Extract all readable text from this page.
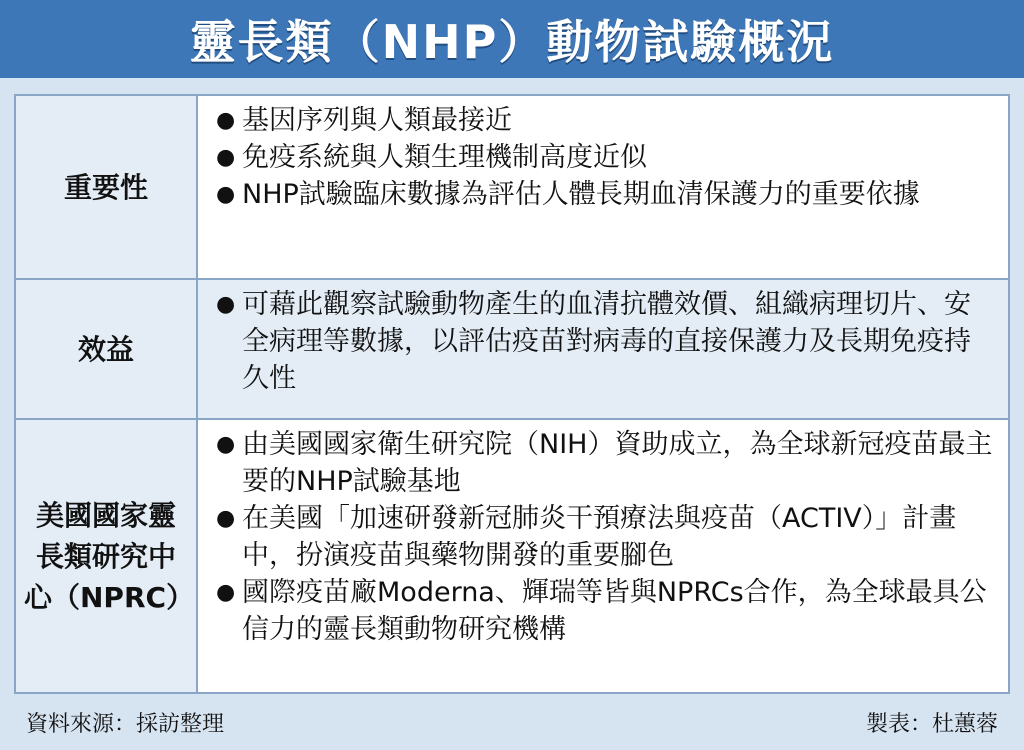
靈長類（NHP）動物試驗概況
重要性
● 基因序列與人類最接近
● 免疫系統與人類生理機制高度近似
● NHP試驗臨床數據為評估人體長期血清保護力的重要依據
效益
● 可藉此觀察試驗動物產生的血清抗體效價、組織病理切片、安全病理等數據，以評估疫苗對病毒的直接保護力及長期免疫持久性
美國國家靈長類研究中心（NPRC）
● 由美國國家衛生研究院（NIH）資助成立，為全球新冠疫苗最主要的NHP試驗基地
● 在美國「加速研發新冠肺炎干預療法與疫苗（ACTIV）」計畫中，扮演疫苗與藥物開發的重要腳色
● 國際疫苗廠Moderna、輝瑞等皆與NPRCs合作，為全球最具公信力的靈長類動物研究機構
資料來源：採訪整理	製表：杜蕙蓉
